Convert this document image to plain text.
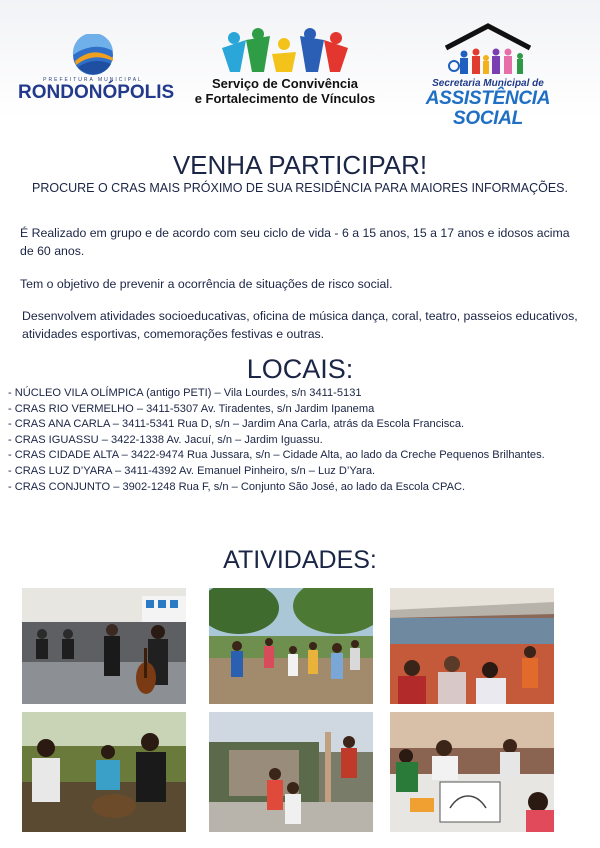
PREFEITURA MUNICIPAL
RONDONÓPOLIS	Serviço de Convivência
e Fortalecimento de Vínculos
Secretaria Municipal de
ASSISTÊNCIA SOCIAL
VENHA PARTICIPAR!
PROCURE O CRAS MAIS PRÓXIMO DE SUA RESIDÊNCIA PARA MAIORES INFORMAÇÕES.
É Realizado em grupo e de acordo com seu ciclo de vida - 6 a 15 anos, 15 a 17 anos e idosos acima de 60 anos.
Tem o objetivo de prevenir a ocorrência de situações de risco social.
Desenvolvem atividades socioeducativas, oficina de música dança, coral, teatro, passeios educativos, atividades esportivas, comemorações festivas e outras.
LOCAIS:
- NÚCLEO VILA OLÍMPICA (antigo PETI) – Vila Lourdes, s/n 3411-5131
- CRAS RIO VERMELHO – 3411-5307 Av. Tiradentes, s/n Jardim Ipanema
- CRAS ANA CARLA – 3411-5341 Rua D, s/n – Jardim Ana Carla, atrás da Escola Francisca.
- CRAS IGUASSU – 3422-1338 Av. Jacuí, s/n – Jardim Iguassu.
- CRAS CIDADE ALTA – 3422-9474 Rua Jussara, s/n – Cidade Alta, ao lado da Creche Pequenos Brilhantes.
- CRAS LUZ D’YARA – 3411-4392 Av. Emanuel Pinheiro, s/n – Luz D’Yara.
- CRAS CONJUNTO – 3902-1248 Rua F, s/n – Conjunto São José, ao lado da Escola CPAC.
ATIVIDADES:
